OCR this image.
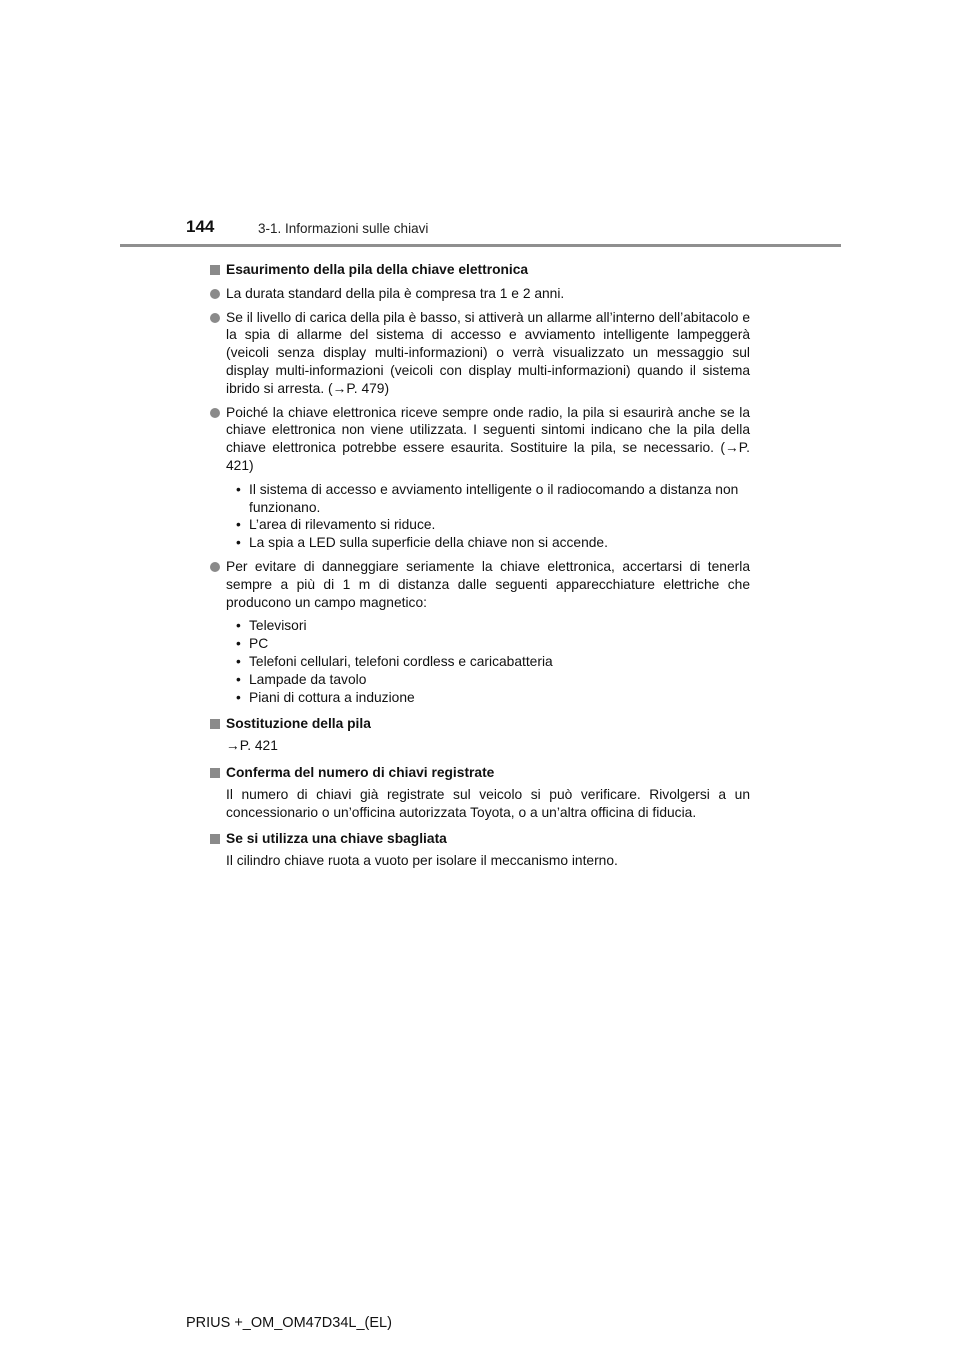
144	3-1. Informazioni sulle chiavi
Esaurimento della pila della chiave elettronica
La durata standard della pila è compresa tra 1 e 2 anni.
Se il livello di carica della pila è basso, si attiverà un allarme all’interno dell’abitacolo e la spia di allarme del sistema di accesso e avviamento intelligente lampeggerà (veicoli senza display multi-informazioni) o verrà visualizzato un messaggio sul display multi-informazioni (veicoli con display multi-informazioni) quando il sistema ibrido si arresta. (→P. 479)
Poiché la chiave elettronica riceve sempre onde radio, la pila si esaurirà anche se la chiave elettronica non viene utilizzata. I seguenti sintomi indicano che la pila della chiave elettronica potrebbe essere esaurita. Sostituire la pila, se necessario. (→P. 421)
• Il sistema di accesso e avviamento intelligente o il radiocomando a distanza non funzionano.
• L’area di rilevamento si riduce.
• La spia a LED sulla superficie della chiave non si accende.
Per evitare di danneggiare seriamente la chiave elettronica, accertarsi di tenerla sempre a più di 1 m di distanza dalle seguenti apparecchiature elettriche che producono un campo magnetico:
• Televisori
• PC
• Telefoni cellulari, telefoni cordless e caricabatteria
• Lampade da tavolo
• Piani di cottura a induzione
Sostituzione della pila
→P. 421
Conferma del numero di chiavi registrate
Il numero di chiavi già registrate sul veicolo si può verificare. Rivolgersi a un concessionario o un’officina autorizzata Toyota, o a un’altra officina di fiducia.
Se si utilizza una chiave sbagliata
Il cilindro chiave ruota a vuoto per isolare il meccanismo interno.
PRIUS +_OM_OM47D34L_(EL)
